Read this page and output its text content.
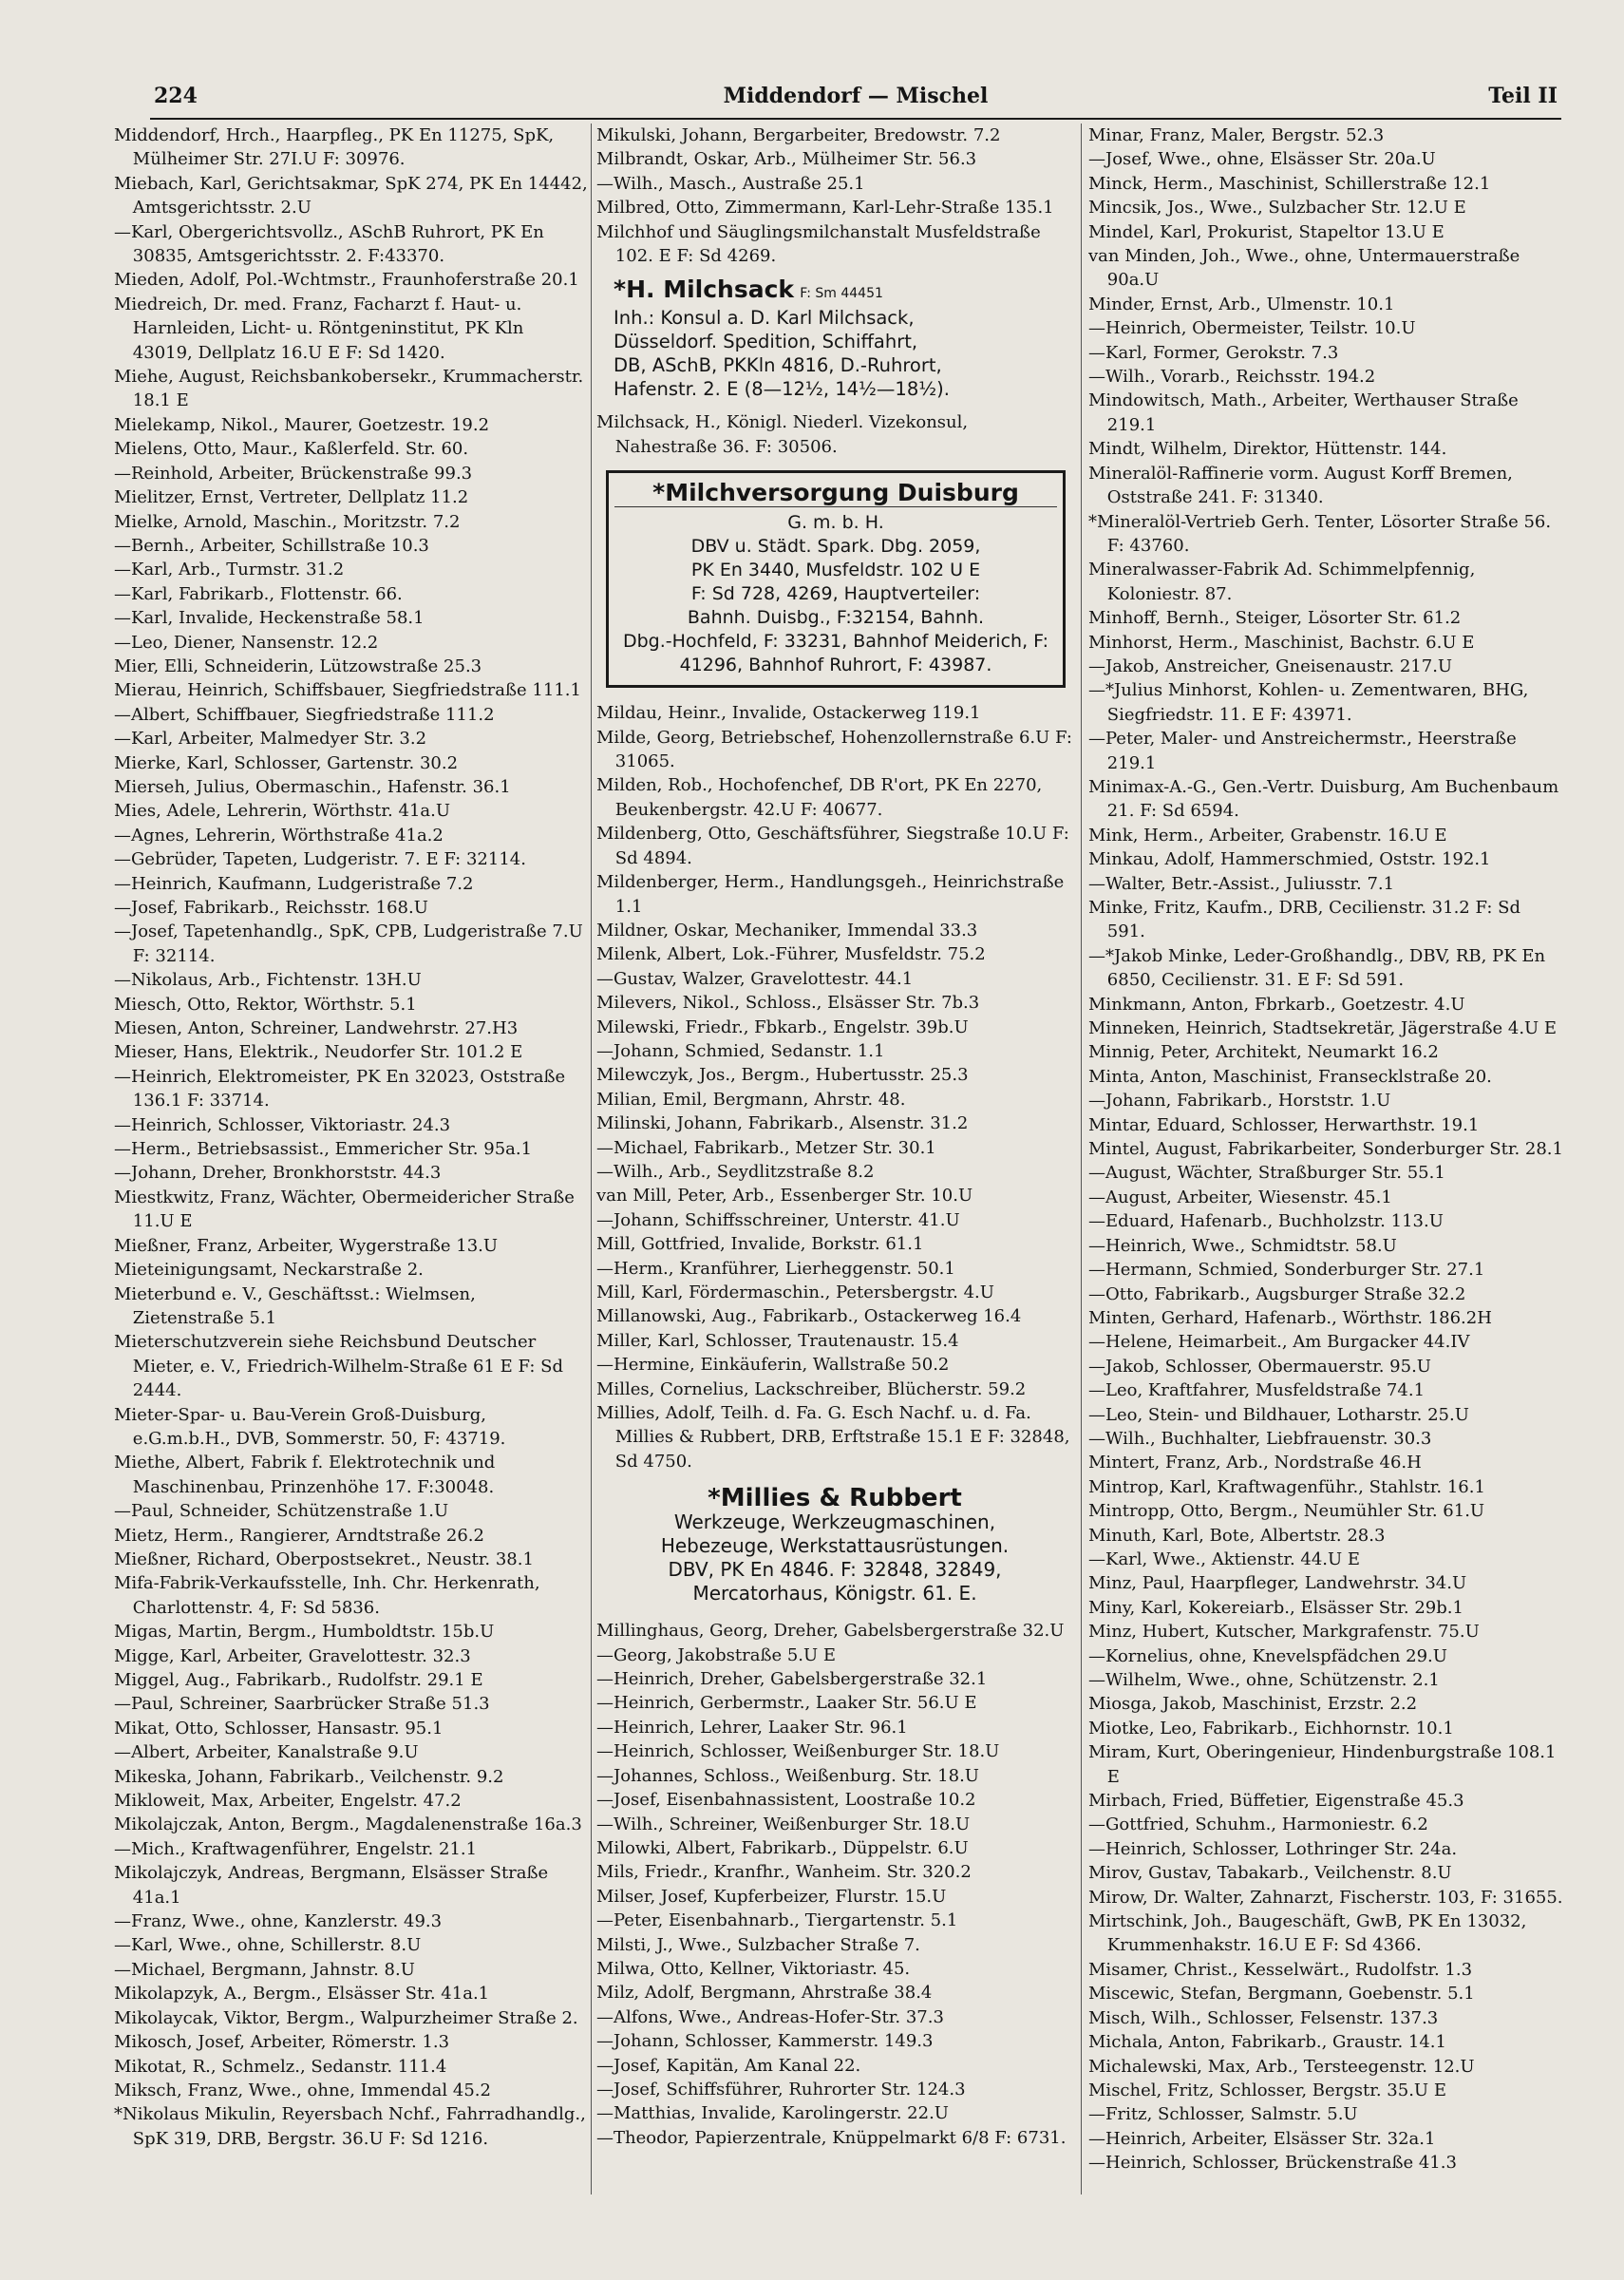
224	Middendorf — Mischel	Teil II
Middendorf, Hrch., Haarpfleg., PK En 11275, SpK, Mülheimer Str. 27I.U F: 30976.
Miebach, Karl, Gerichtsakmar, SpK 274, PK En 14442, Amtsgerichtsstr. 2.U
—Karl, Obergerichtsvollz., ASchB Ruhrort, PK En 30835, Amtsgerichtsstr. 2. F:43370.
Mieden, Adolf, Pol.-Wchtmstr., Fraunhoferstraße 20.1
Miedreich, Dr. med. Franz, Facharzt f. Haut- u. Harnleiden, Licht- u. Röntgeninstitut, PK Kln 43019, Dellplatz 16.U E F: Sd 1420.
Miehe, August, Reichsbankobersekr., Krummacherstr. 18.1 E
Mielekamp, Nikol., Maurer, Goetzestr. 19.2
Mielens, Otto, Maur., Kaßlerfeld. Str. 60.
—Reinhold, Arbeiter, Brückenstraße 99.3
Mielitzer, Ernst, Vertreter, Dellplatz 11.2
Mielke, Arnold, Maschin., Moritzstr. 7.2
—Bernh., Arbeiter, Schillstraße 10.3
—Karl, Arb., Turmstr. 31.2
—Karl, Fabrikarb., Flottenstr. 66.
—Karl, Invalide, Heckenstraße 58.1
—Leo, Diener, Nansenstr. 12.2
Mier, Elli, Schneiderin, Lützowstraße 25.3
Mierau, Heinrich, Schiffsbauer, Siegfriedstraße 111.1
—Albert, Schiffbauer, Siegfriedstraße 111.2
—Karl, Arbeiter, Malmedyer Str. 3.2
Mierke, Karl, Schlosser, Gartenstr. 30.2
Mierseh, Julius, Obermaschin., Hafenstr. 36.1
Mies, Adele, Lehrerin, Wörthstr. 41a.U
—Agnes, Lehrerin, Wörthstraße 41a.2
—Gebrüder, Tapeten, Ludgeristr. 7. E F: 32114.
—Heinrich, Kaufmann, Ludgeristraße 7.2
—Josef, Fabrikarb., Reichsstr. 168.U
—Josef, Tapetenhandlg., SpK, CPB, Ludgeristraße 7.U F: 32114.
—Nikolaus, Arb., Fichtenstr. 13H.U
Miesch, Otto, Rektor, Wörthstr. 5.1
Miesen, Anton, Schreiner, Landwehrstr. 27.H3
Mieser, Hans, Elektrik., Neudorfer Str. 101.2 E
—Heinrich, Elektromeister, PK En 32023, Oststraße 136.1 F: 33714.
—Heinrich, Schlosser, Viktoriastr. 24.3
—Herm., Betriebsassist., Emmericher Str. 95a.1
—Johann, Dreher, Bronkhorststr. 44.3
Miestkwitz, Franz, Wächter, Obermeidericher Straße 11.U E
Mießner, Franz, Arbeiter, Wygerstraße 13.U
Mieteinigungsamt, Neckarstraße 2.
Mieterbund e. V., Geschäftsst.: Wielmsen, Zietenstraße 5.1
Mieterschutzverein siehe Reichsbund Deutscher Mieter, e. V., Friedrich-Wilhelm-Straße 61 E F: Sd 2444.
Mieter-Spar- u. Bau-Verein Groß-Duisburg, e.G.m.b.H., DVB, Sommerstr. 50, F: 43719.
Miethe, Albert, Fabrik f. Elektrotechnik und Maschinenbau, Prinzenhöhe 17. F:30048.
—Paul, Schneider, Schützenstraße 1.U
Mietz, Herm., Rangierer, Arndtstraße 26.2
Mießner, Richard, Oberpostsekret., Neustr. 38.1
Mifa-Fabrik-Verkaufsstelle, Inh. Chr. Herkenrath, Charlottenstr. 4, F: Sd 5836.
Migas, Martin, Bergm., Humboldtstr. 15b.U
Migge, Karl, Arbeiter, Gravelottestr. 32.3
Miggel, Aug., Fabrikarb., Rudolfstr. 29.1 E
—Paul, Schreiner, Saarbrücker Straße 51.3
Mikat, Otto, Schlosser, Hansastr. 95.1
—Albert, Arbeiter, Kanalstraße 9.U
Mikeska, Johann, Fabrikarb., Veilchenstr. 9.2
Mikloweit, Max, Arbeiter, Engelstr. 47.2
Mikolajczak, Anton, Bergm., Magdalenenstraße 16a.3
—Mich., Kraftwagenführer, Engelstr. 21.1
Mikolajczyk, Andreas, Bergmann, Elsässer Straße 41a.1
—Franz, Wwe., ohne, Kanzlerstr. 49.3
—Karl, Wwe., ohne, Schillerstr. 8.U
—Michael, Bergmann, Jahnstr. 8.U
Mikolapzyk, A., Bergm., Elsässer Str. 41a.1
Mikolaycak, Viktor, Bergm., Walpurzheimer Straße 2.
Mikosch, Josef, Arbeiter, Römerstr. 1.3
Mikotat, R., Schmelz., Sedanstr. 111.4
Miksch, Franz, Wwe., ohne, Immendal 45.2
*Nikolaus Mikulin, Reyersbach Nchf., Fahrradhandlg., SpK 319, DRB, Bergstr. 36.U F: Sd 1216.
Mikulski, Johann, Bergarbeiter, Bredowstr. 7.2
Milbrandt, Oskar, Arb., Mülheimer Str. 56.3
—Wilh., Masch., Austraße 25.1
Milbred, Otto, Zimmermann, Karl-Lehr-Straße 135.1
Milchhof und Säuglingsmilchanstalt Musfeldstraße 102. E F: Sd 4269.
*H. Milchsack F: Sm 44451
Inh.: Konsul a. D. Karl Milchsack,
Düsseldorf. Spedition, Schiffahrt,
DB, ASchB, PKKln 4816, D.-Ruhrort,
Hafenstr. 2. E (8—12½, 14½—18½).
Milchsack, H., Königl. Niederl. Vizekonsul, Nahestraße 36. F: 30506.
*Milchversorgung Duisburg
G. m. b. H.
DBV u. Städt. Spark. Dbg. 2059,
PK En 3440, Musfeldstr. 102 U E
F: Sd 728, 4269, Hauptverteiler:
Bahnh. Duisbg., F:32154, Bahnh.
Dbg.-Hochfeld, F: 33231, Bahnhof Meiderich, F: 41296, Bahnhof Ruhrort, F: 43987.
Mildau, Heinr., Invalide, Ostackerweg 119.1
Milde, Georg, Betriebschef, Hohenzollernstraße 6.U F: 31065.
Milden, Rob., Hochofenchef, DB R'ort, PK En 2270, Beukenbergstr. 42.U F: 40677.
Mildenberg, Otto, Geschäftsführer, Siegstraße 10.U F: Sd 4894.
Mildenberger, Herm., Handlungsgeh., Heinrichstraße 1.1
Mildner, Oskar, Mechaniker, Immendal 33.3
Milenk, Albert, Lok.-Führer, Musfeldstr. 75.2
—Gustav, Walzer, Gravelottestr. 44.1
Milevers, Nikol., Schloss., Elsässer Str. 7b.3
Milewski, Friedr., Fbkarb., Engelstr. 39b.U
—Johann, Schmied, Sedanstr. 1.1
Milewczyk, Jos., Bergm., Hubertusstr. 25.3
Milian, Emil, Bergmann, Ahrstr. 48.
Milinski, Johann, Fabrikarb., Alsenstr. 31.2
—Michael, Fabrikarb., Metzer Str. 30.1
—Wilh., Arb., Seydlitzstraße 8.2
van Mill, Peter, Arb., Essenberger Str. 10.U
—Johann, Schiffsschreiner, Unterstr. 41.U
Mill, Gottfried, Invalide, Borkstr. 61.1
—Herm., Kranführer, Lierheggenstr. 50.1
Mill, Karl, Fördermaschin., Petersbergstr. 4.U
Millanowski, Aug., Fabrikarb., Ostackerweg 16.4
Miller, Karl, Schlosser, Trautenaustr. 15.4
—Hermine, Einkäuferin, Wallstraße 50.2
Milles, Cornelius, Lackschreiber, Blücherstr. 59.2
Millies, Adolf, Teilh. d. Fa. G. Esch Nachf. u. d. Fa. Millies & Rubbert, DRB, Erftstraße 15.1 E F: 32848, Sd 4750.
*Millies & Rubbert
Werkzeuge, Werkzeugmaschinen,
Hebezeuge, Werkstattausrüstungen.
DBV, PK En 4846. F: 32848, 32849,
Mercatorhaus, Königstr. 61. E.
Millinghaus, Georg, Dreher, Gabelsbergerstraße 32.U
—Georg, Jakobstraße 5.U E
—Heinrich, Dreher, Gabelsbergerstraße 32.1
—Heinrich, Gerbermstr., Laaker Str. 56.U E
—Heinrich, Lehrer, Laaker Str. 96.1
—Heinrich, Schlosser, Weißenburger Str. 18.U
—Johannes, Schloss., Weißenburg. Str. 18.U
—Josef, Eisenbahnassistent, Loostraße 10.2
—Wilh., Schreiner, Weißenburger Str. 18.U
Milowki, Albert, Fabrikarb., Düppelstr. 6.U
Mils, Friedr., Kranfhr., Wanheim. Str. 320.2
Milser, Josef, Kupferbeizer, Flurstr. 15.U
—Peter, Eisenbahnarb., Tiergartenstr. 5.1
Milsti, J., Wwe., Sulzbacher Straße 7.
Milwa, Otto, Kellner, Viktoriastr. 45.
Milz, Adolf, Bergmann, Ahrstraße 38.4
—Alfons, Wwe., Andreas-Hofer-Str. 37.3
—Johann, Schlosser, Kammerstr. 149.3
—Josef, Kapitän, Am Kanal 22.
—Josef, Schiffsführer, Ruhrorter Str. 124.3
—Matthias, Invalide, Karolingerstr. 22.U
—Theodor, Papierzentrale, Knüppelmarkt 6/8 F: 6731.
Minar, Franz, Maler, Bergstr. 52.3
—Josef, Wwe., ohne, Elsässer Str. 20a.U
Minck, Herm., Maschinist, Schillerstraße 12.1
Mincsik, Jos., Wwe., Sulzbacher Str. 12.U E
Mindel, Karl, Prokurist, Stapeltor 13.U E
van Minden, Joh., Wwe., ohne, Untermauerstraße 90a.U
Minder, Ernst, Arb., Ulmenstr. 10.1
—Heinrich, Obermeister, Teilstr. 10.U
—Karl, Former, Gerokstr. 7.3
—Wilh., Vorarb., Reichsstr. 194.2
Mindowitsch, Math., Arbeiter, Werthauser Straße 219.1
Mindt, Wilhelm, Direktor, Hüttenstr. 144.
Mineralöl-Raffinerie vorm. August Korff Bremen, Oststraße 241. F: 31340.
*Mineralöl-Vertrieb Gerh. Tenter, Lösorter Straße 56. F: 43760.
Mineralwasser-Fabrik Ad. Schimmelpfennig, Koloniestr. 87.
Minhoff, Bernh., Steiger, Lösorter Str. 61.2
Minhorst, Herm., Maschinist, Bachstr. 6.U E
—Jakob, Anstreicher, Gneisenaustr. 217.U
—*Julius Minhorst, Kohlen- u. Zementwaren, BHG, Siegfriedstr. 11. E F: 43971.
—Peter, Maler- und Anstreichermstr., Heerstraße 219.1
Minimax-A.-G., Gen.-Vertr. Duisburg, Am Buchenbaum 21. F: Sd 6594.
Mink, Herm., Arbeiter, Grabenstr. 16.U E
Minkau, Adolf, Hammerschmied, Oststr. 192.1
—Walter, Betr.-Assist., Juliusstr. 7.1
Minke, Fritz, Kaufm., DRB, Cecilienstr. 31.2 F: Sd 591.
—*Jakob Minke, Leder-Großhandlg., DBV, RB, PK En 6850, Cecilienstr. 31. E F: Sd 591.
Minkmann, Anton, Fbrkarb., Goetzestr. 4.U
Minneken, Heinrich, Stadtsekretär, Jägerstraße 4.U E
Minnig, Peter, Architekt, Neumarkt 16.2
Minta, Anton, Maschinist, Fransecklstraße 20.
—Johann, Fabrikarb., Horststr. 1.U
Mintar, Eduard, Schlosser, Herwarthstr. 19.1
Mintel, August, Fabrikarbeiter, Sonderburger Str. 28.1
—August, Wächter, Straßburger Str. 55.1
—August, Arbeiter, Wiesenstr. 45.1
—Eduard, Hafenarb., Buchholzstr. 113.U
—Heinrich, Wwe., Schmidtstr. 58.U
—Hermann, Schmied, Sonderburger Str. 27.1
—Otto, Fabrikarb., Augsburger Straße 32.2
Minten, Gerhard, Hafenarb., Wörthstr. 186.2H
—Helene, Heimarbeit., Am Burgacker 44.IV
—Jakob, Schlosser, Obermauerstr. 95.U
—Leo, Kraftfahrer, Musfeldstraße 74.1
—Leo, Stein- und Bildhauer, Lotharstr. 25.U
—Wilh., Buchhalter, Liebfrauenstr. 30.3
Mintert, Franz, Arb., Nordstraße 46.H
Mintrop, Karl, Kraftwagenführ., Stahlstr. 16.1
Mintropp, Otto, Bergm., Neumühler Str. 61.U
Minuth, Karl, Bote, Albertstr. 28.3
—Karl, Wwe., Aktienstr. 44.U E
Minz, Paul, Haarpfleger, Landwehrstr. 34.U
Miny, Karl, Kokereiarb., Elsässer Str. 29b.1
Minz, Hubert, Kutscher, Markgrafenstr. 75.U
—Kornelius, ohne, Knevelspfädchen 29.U
—Wilhelm, Wwe., ohne, Schützenstr. 2.1
Miosga, Jakob, Maschinist, Erzstr. 2.2
Miotke, Leo, Fabrikarb., Eichhornstr. 10.1
Miram, Kurt, Oberingenieur, Hindenburgstraße 108.1 E
Mirbach, Fried, Büffetier, Eigenstraße 45.3
—Gottfried, Schuhm., Harmoniestr. 6.2
—Heinrich, Schlosser, Lothringer Str. 24a.
Mirov, Gustav, Tabakarb., Veilchenstr. 8.U
Mirow, Dr. Walter, Zahnarzt, Fischerstr. 103, F: 31655.
Mirtschink, Joh., Baugeschäft, GwB, PK En 13032, Krummenhakstr. 16.U E F: Sd 4366.
Misamer, Christ., Kesselwärt., Rudolfstr. 1.3
Miscewic, Stefan, Bergmann, Goebenstr. 5.1
Misch, Wilh., Schlosser, Felsenstr. 137.3
Michala, Anton, Fabrikarb., Graustr. 14.1
Michalewski, Max, Arb., Tersteegenstr. 12.U
Mischel, Fritz, Schlosser, Bergstr. 35.U E
—Fritz, Schlosser, Salmstr. 5.U
—Heinrich, Arbeiter, Elsässer Str. 32a.1
—Heinrich, Schlosser, Brückenstraße 41.3
